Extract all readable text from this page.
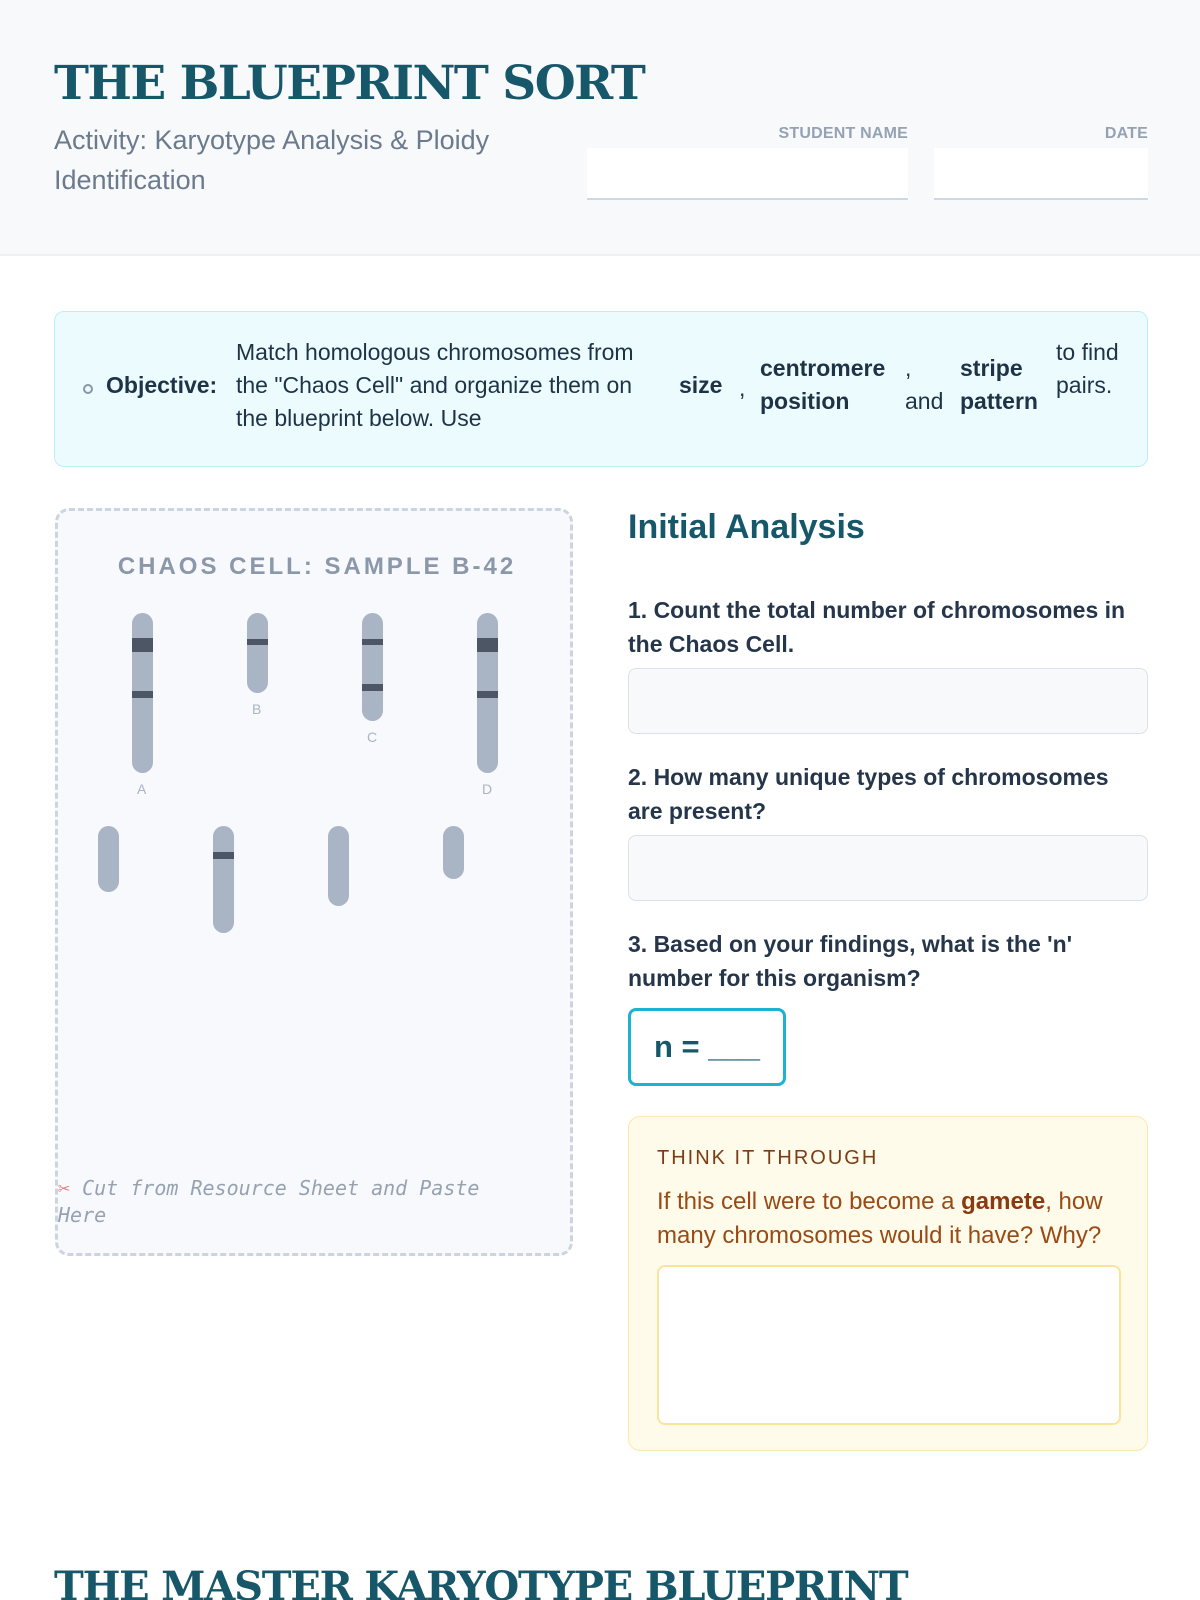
THE BLUEPRINT SORT
Activity: Karyotype Analysis & Ploidy Identification
STUDENT NAME	DATE
Objective:
Match homologous chromosomes from the "Chaos Cell" and organize them on the blueprint below. Use
size ,
centromere position
,
and
stripe pattern
to find pairs.
CHAOS CELL: SAMPLE B-42
A
B
C
D
✂ Cut from Resource Sheet and Paste Here
Initial Analysis
1. Count the total number of chromosomes in the Chaos Cell.
2. How many unique types of chromosomes are present?
3. Based on your findings, what is the 'n' number for this organism?
n = ___
THINK IT THROUGH
If this cell were to become a gamete, how many chromosomes would it have? Why?
THE MASTER KARYOTYPE BLUEPRINT
